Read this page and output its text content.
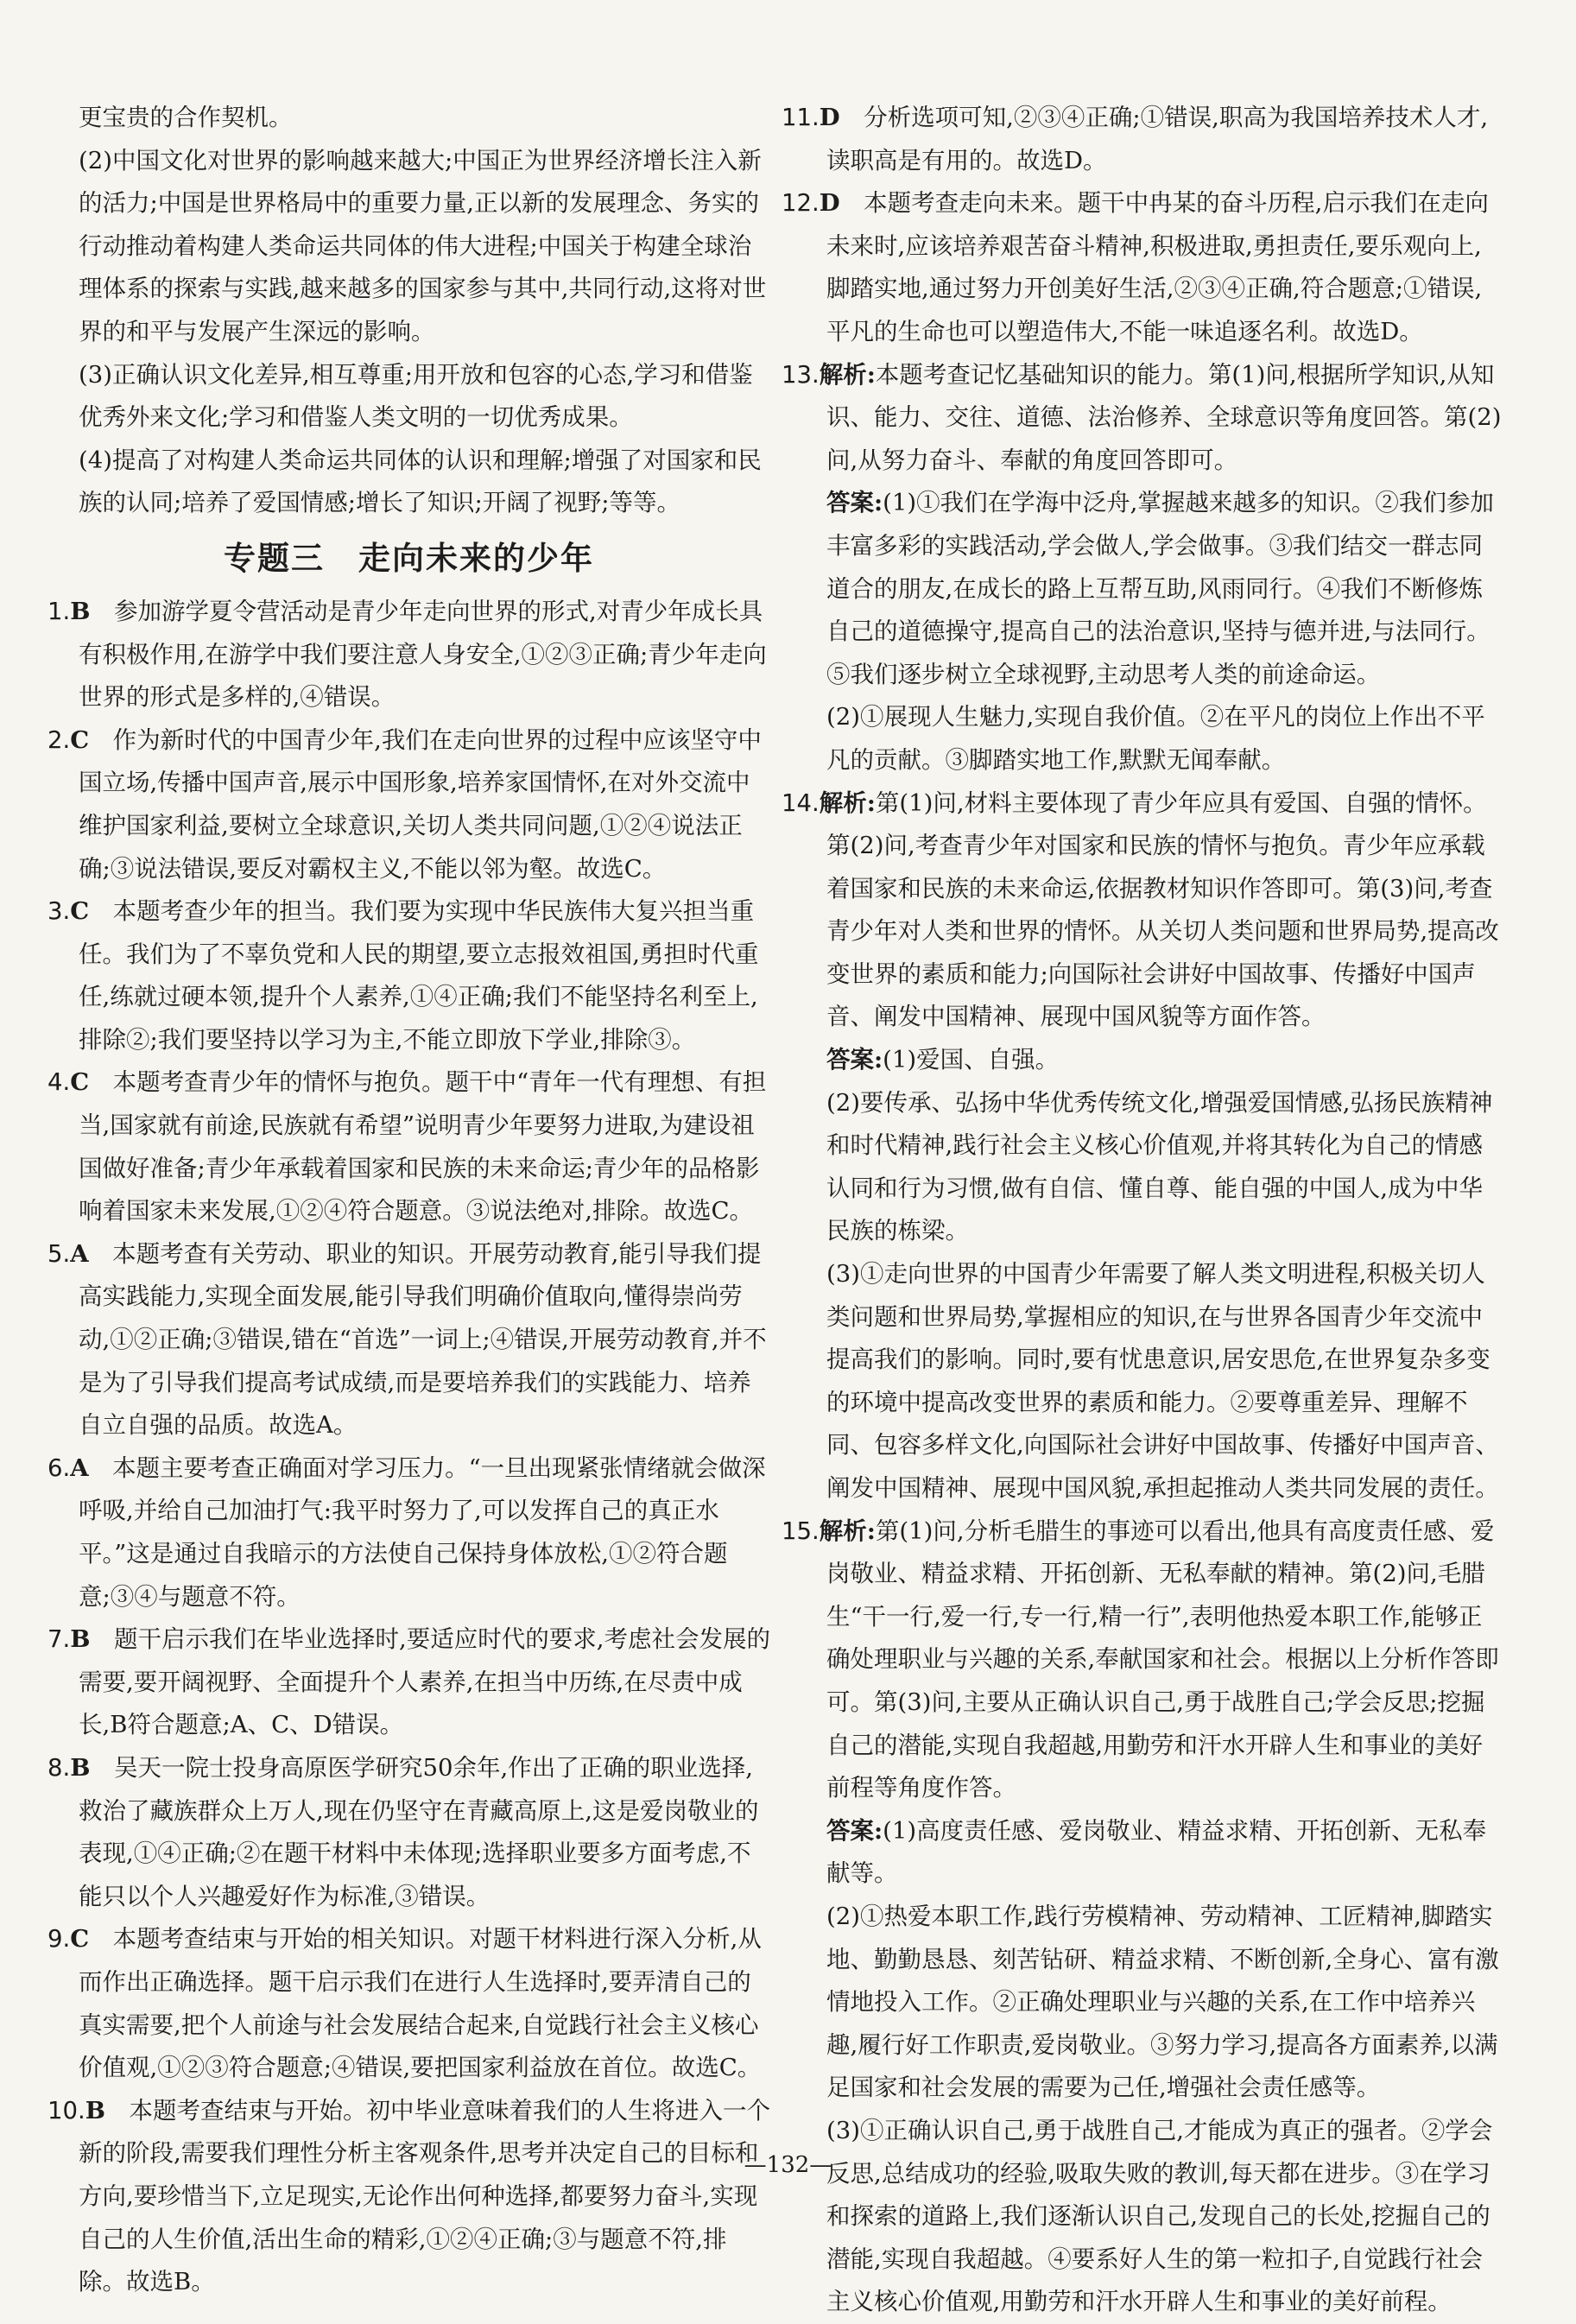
更宝贵的合作契机。

(2)中国文化对世界的影响越来越大;中国正为世界经济增长注入新的活力;中国是世界格局中的重要力量,正以新的发展理念、务实的行动推动着构建人类命运共同体的伟大进程;中国关于构建全球治理体系的探索与实践,越来越多的国家参与其中,共同行动,这将对世界的和平与发展产生深远的影响。

(3)正确认识文化差异,相互尊重;用开放和包容的心态,学习和借鉴优秀外来文化;学习和借鉴人类文明的一切优秀成果。

(4)提高了对构建人类命运共同体的认识和理解;增强了对国家和民族的认同;培养了爱国情感;增长了知识;开阔了视野;等等。

专题三　走向未来的少年

1.B　 参加游学夏令营活动是青少年走向世界的形式,对青少年成长具有积极作用,在游学中我们要注意人身安全,①②③正确;青少年走向世界的形式是多样的,④错误。

2.C　 作为新时代的中国青少年,我们在走向世界的过程中应该坚守中国立场,传播中国声音,展示中国形象,培养家国情怀,在对外交流中维护国家利益,要树立全球意识,关切人类共同问题,①②④说法正确;③说法错误,要反对霸权主义,不能以邻为壑。故选C。

3.C　 本题考查少年的担当。我们要为实现中华民族伟大复兴担当重任。我们为了不辜负党和人民的期望,要立志报效祖国,勇担时代重任,练就过硬本领,提升个人素养,①④正确;我们不能坚持名利至上,排除②;我们要坚持以学习为主,不能立即放下学业,排除③。

4.C　 本题考查青少年的情怀与抱负。题干中“青年一代有理想、有担当,国家就有前途,民族就有希望”说明青少年要努力进取,为建设祖国做好准备;青少年承载着国家和民族的未来命运;青少年的品格影响着国家未来发展,①②④符合题意。③说法绝对,排除。故选C。

5.A　 本题考查有关劳动、职业的知识。开展劳动教育,能引导我们提高实践能力,实现全面发展,能引导我们明确价值取向,懂得崇尚劳动,①②正确;③错误,错在“首选”一词上;④错误,开展劳动教育,并不是为了引导我们提高考试成绩,而是要培养我们的实践能力、培养自立自强的品质。故选A。

6.A　 本题主要考查正确面对学习压力。“一旦出现紧张情绪就会做深呼吸,并给自己加油打气:我平时努力了,可以发挥自己的真正水平。”这是通过自我暗示的方法使自己保持身体放松,①②符合题意;③④与题意不符。

7.B　 题干启示我们在毕业选择时,要适应时代的要求,考虑社会发展的需要,要开阔视野、全面提升个人素养,在担当中历练,在尽责中成长,B符合题意;A、C、D错误。

8.B　 吴天一院士投身高原医学研究50余年,作出了正确的职业选择,救治了藏族群众上万人,现在仍坚守在青藏高原上,这是爱岗敬业的表现,①④正确;②在题干材料中未体现;选择职业要多方面考虑,不能只以个人兴趣爱好作为标准,③错误。

9.C　 本题考查结束与开始的相关知识。对题干材料进行深入分析,从而作出正确选择。题干启示我们在进行人生选择时,要弄清自己的真实需要,把个人前途与社会发展结合起来,自觉践行社会主义核心价值观,①②③符合题意;④错误,要把国家利益放在首位。故选C。

10.B　 本题考查结束与开始。初中毕业意味着我们的人生将进入一个新的阶段,需要我们理性分析主客观条件,思考并决定自己的目标和方向,要珍惜当下,立足现实,无论作出何种选择,都要努力奋斗,实现自己的人生价值,活出生命的精彩,①②④正确;③与题意不符,排除。故选B。

11.D　 分析选项可知,②③④正确;①错误,职高为我国培养技术人才,读职高是有用的。故选D。

12.D　 本题考查走向未来。题干中冉某的奋斗历程,启示我们在走向未来时,应该培养艰苦奋斗精神,积极进取,勇担责任,要乐观向上,脚踏实地,通过努力开创美好生活,②③④正确,符合题意;①错误,平凡的生命也可以塑造伟大,不能一味追逐名利。故选D。

13.解析:本题考查记忆基础知识的能力。第(1)问,根据所学知识,从知识、能力、交往、道德、法治修养、全球意识等角度回答。第(2)问,从努力奋斗、奉献的角度回答即可。

答案:(1)①我们在学海中泛舟,掌握越来越多的知识。②我们参加丰富多彩的实践活动,学会做人,学会做事。③我们结交一群志同道合的朋友,在成长的路上互帮互助,风雨同行。④我们不断修炼自己的道德操守,提高自己的法治意识,坚持与德并进,与法同行。⑤我们逐步树立全球视野,主动思考人类的前途命运。

(2)①展现人生魅力,实现自我价值。②在平凡的岗位上作出不平凡的贡献。③脚踏实地工作,默默无闻奉献。

14.解析:第(1)问,材料主要体现了青少年应具有爱国、自强的情怀。第(2)问,考查青少年对国家和民族的情怀与抱负。青少年应承载着国家和民族的未来命运,依据教材知识作答即可。第(3)问,考查青少年对人类和世界的情怀。从关切人类问题和世界局势,提高改变世界的素质和能力;向国际社会讲好中国故事、传播好中国声音、阐发中国精神、展现中国风貌等方面作答。

答案:(1)爱国、自强。

(2)要传承、弘扬中华优秀传统文化,增强爱国情感,弘扬民族精神和时代精神,践行社会主义核心价值观,并将其转化为自己的情感认同和行为习惯,做有自信、懂自尊、能自强的中国人,成为中华民族的栋梁。

(3)①走向世界的中国青少年需要了解人类文明进程,积极关切人类问题和世界局势,掌握相应的知识,在与世界各国青少年交流中提高我们的影响。同时,要有忧患意识,居安思危,在世界复杂多变的环境中提高改变世界的素质和能力。②要尊重差异、理解不同、包容多样文化,向国际社会讲好中国故事、传播好中国声音、阐发中国精神、展现中国风貌,承担起推动人类共同发展的责任。

15.解析:第(1)问,分析毛腊生的事迹可以看出,他具有高度责任感、爱岗敬业、精益求精、开拓创新、无私奉献的精神。第(2)问,毛腊生“干一行,爱一行,专一行,精一行”,表明他热爱本职工作,能够正确处理职业与兴趣的关系,奉献国家和社会。根据以上分析作答即可。第(3)问,主要从正确认识自己,勇于战胜自己;学会反思;挖掘自己的潜能,实现自我超越,用勤劳和汗水开辟人生和事业的美好前程等角度作答。

答案:(1)高度责任感、爱岗敬业、精益求精、开拓创新、无私奉献等。

(2)①热爱本职工作,践行劳模精神、劳动精神、工匠精神,脚踏实地、勤勤恳恳、刻苦钻研、精益求精、不断创新,全身心、富有激情地投入工作。②正确处理职业与兴趣的关系,在工作中培养兴趣,履行好工作职责,爱岗敬业。③努力学习,提高各方面素养,以满足国家和社会发展的需要为己任,增强社会责任感等。

(3)①正确认识自己,勇于战胜自己,才能成为真正的强者。②学会反思,总结成功的经验,吸取失败的教训,每天都在进步。③在学习和探索的道路上,我们逐渐认识自己,发现自己的长处,挖掘自己的潜能,实现自我超越。④要系好人生的第一粒扣子,自觉践行社会主义核心价值观,用勤劳和汗水开辟人生和事业的美好前程。

—132—
